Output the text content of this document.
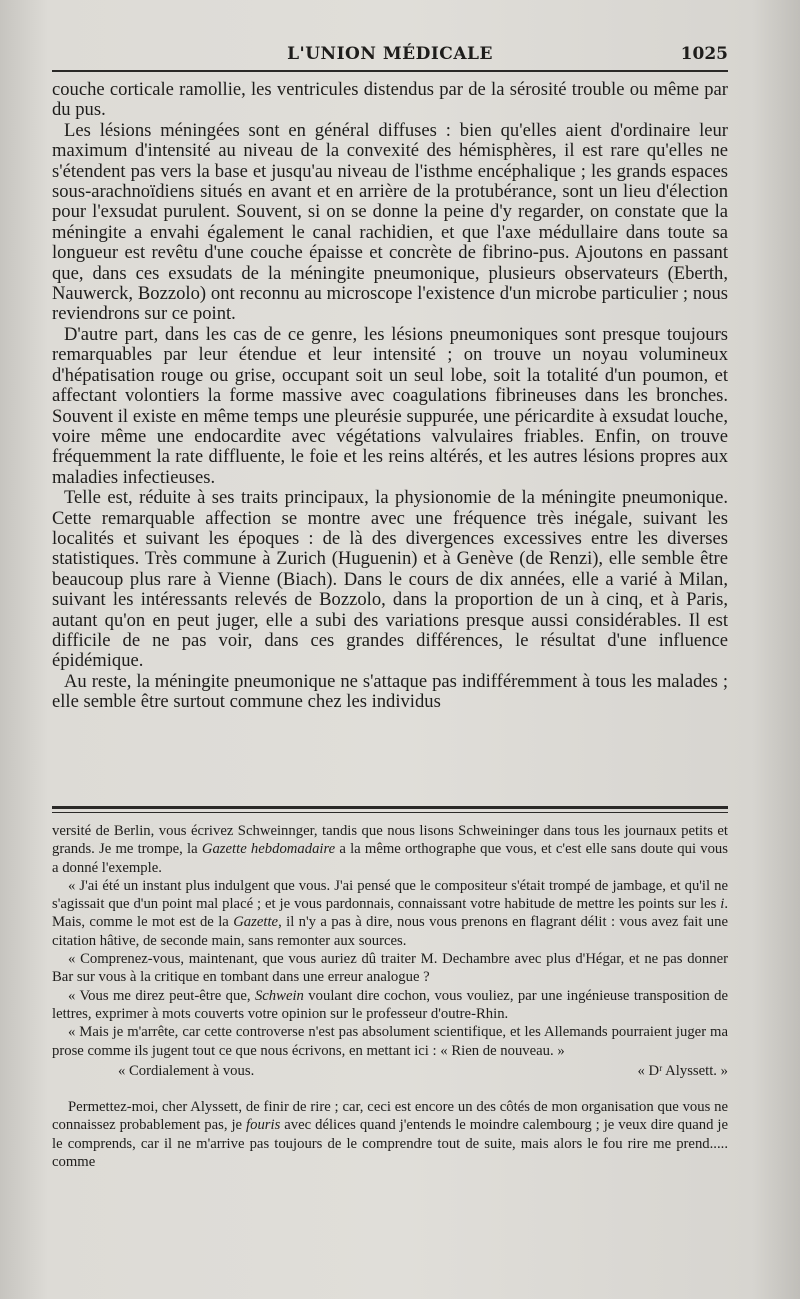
L'UNION MÉDICALE	1025

couche corticale ramollie, les ventricules distendus par de la sérosité trouble ou même par du pus.

Les lésions méningées sont en général diffuses : bien qu'elles aient d'ordinaire leur maximum d'intensité au niveau de la convexité des hémisphères, il est rare qu'elles ne s'étendent pas vers la base et jusqu'au niveau de l'isthme encéphalique ; les grands espaces sous-arachnoïdiens situés en avant et en arrière de la protubérance, sont un lieu d'élection pour l'exsudat purulent. Souvent, si on se donne la peine d'y regarder, on constate que la méningite a envahi également le canal rachidien, et que l'axe médullaire dans toute sa longueur est revêtu d'une couche épaisse et concrète de fibrino-pus. Ajoutons en passant que, dans ces exsudats de la méningite pneumonique, plusieurs observateurs (Eberth, Nauwerck, Bozzolo) ont reconnu au microscope l'existence d'un microbe particulier ; nous reviendrons sur ce point.

D'autre part, dans les cas de ce genre, les lésions pneumoniques sont presque toujours remarquables par leur étendue et leur intensité ; on trouve un noyau volumineux d'hépatisation rouge ou grise, occupant soit un seul lobe, soit la totalité d'un poumon, et affectant volontiers la forme massive avec coagulations fibrineuses dans les bronches. Souvent il existe en même temps une pleurésie suppurée, une péricardite à exsudat louche, voire même une endocardite avec végétations valvulaires friables. Enfin, on trouve fréquemment la rate diffluente, le foie et les reins altérés, et les autres lésions propres aux maladies infectieuses.

Telle est, réduite à ses traits principaux, la physionomie de la méningite pneumonique. Cette remarquable affection se montre avec une fréquence très inégale, suivant les localités et suivant les époques : de là des divergences excessives entre les diverses statistiques. Très commune à Zurich (Huguenin) et à Genève (de Renzi), elle semble être beaucoup plus rare à Vienne (Biach). Dans le cours de dix années, elle a varié à Milan, suivant les intéressants relevés de Bozzolo, dans la proportion de un à cinq, et à Paris, autant qu'on en peut juger, elle a subi des variations presque aussi considérables. Il est difficile de ne pas voir, dans ces grandes différences, le résultat d'une influence épidémique.

Au reste, la méningite pneumonique ne s'attaque pas indifféremment à tous les malades ; elle semble être surtout commune chez les individus

versité de Berlin, vous écrivez Schweinnger, tandis que nous lisons Schweininger dans tous les journaux petits et grands. Je me trompe, la Gazette hebdomadaire a la même orthographe que vous, et c'est elle sans doute qui vous a donné l'exemple.

« J'ai été un instant plus indulgent que vous. J'ai pensé que le compositeur s'était trompé de jambage, et qu'il ne s'agissait que d'un point mal placé ; et je vous pardonnais, connaissant votre habitude de mettre les points sur les i. Mais, comme le mot est de la Gazette, il n'y a pas à dire, nous vous prenons en flagrant délit : vous avez fait une citation hâtive, de seconde main, sans remonter aux sources.

« Comprenez-vous, maintenant, que vous auriez dû traiter M. Dechambre avec plus d'Hégar, et ne pas donner Bar sur vous à la critique en tombant dans une erreur analogue ?

« Vous me direz peut-être que, Schwein voulant dire cochon, vous vouliez, par une ingénieuse transposition de lettres, exprimer à mots couverts votre opinion sur le professeur d'outre-Rhin.

« Mais je m'arrête, car cette controverse n'est pas absolument scientifique, et les Allemands pourraient juger ma prose comme ils jugent tout ce que nous écrivons, en mettant ici : « Rien de nouveau. »

« Cordialement à vous.	« Dʳ Alyssett. »

Permettez-moi, cher Alyssett, de finir de rire ; car, ceci est encore un des côtés de mon organisation que vous ne connaissez probablement pas, je fouris avec délices quand j'entends le moindre calembourg ; je veux dire quand je le comprends, car il ne m'arrive pas toujours de le comprendre tout de suite, mais alors le fou rire me prend..... comme
